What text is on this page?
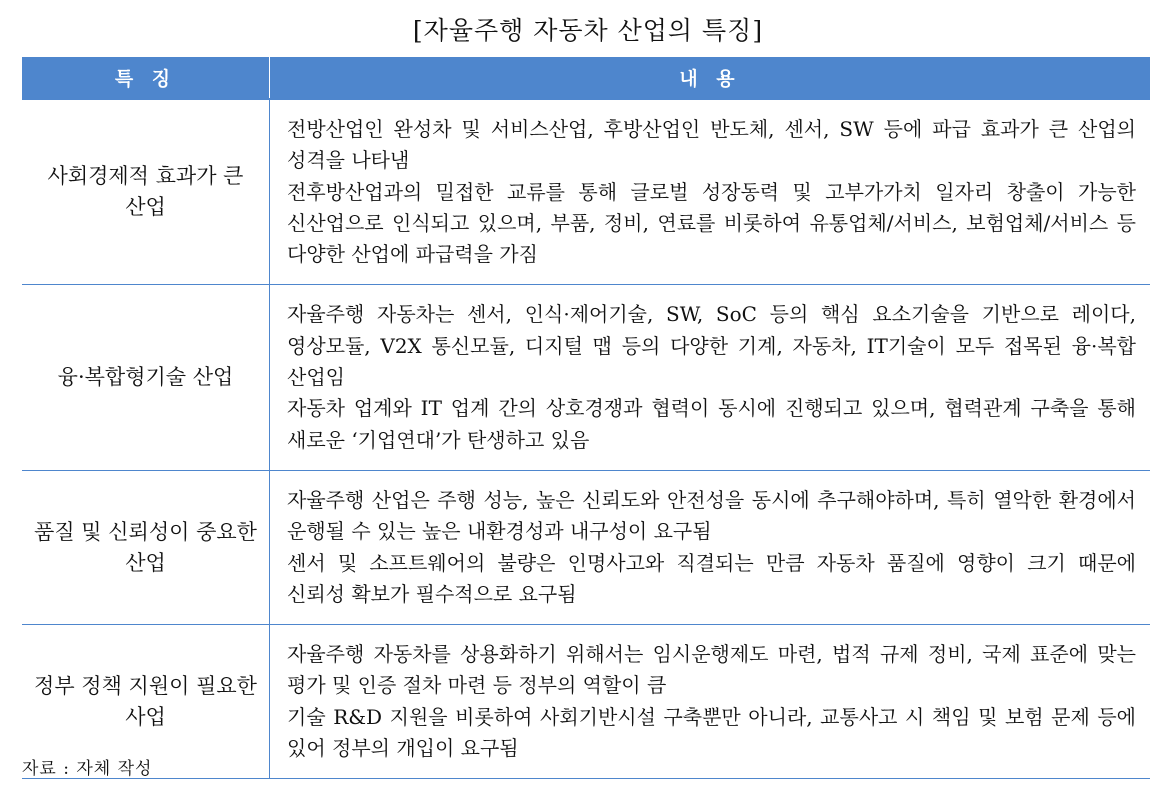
[자율주행 자동차 산업의 특징]
특 징	내 용
사회경제적 효과가 큰 산업	전방산업인 완성차 및 서비스산업, 후방산업인 반도체, 센서, SW 등에 파급 효과가 큰 산업의 성격을 나타냄
전후방산업과의 밀접한 교류를 통해 글로벌 성장동력 및 고부가가치 일자리 창출이 가능한 신산업으로 인식되고 있으며, 부품, 정비, 연료를 비롯하여 유통업체/서비스, 보험업체/서비스 등 다양한 산업에 파급력을 가짐

융·복합형기술 산업	자율주행 자동차는 센서, 인식·제어기술, SW, SoC 등의 핵심 요소기술을 기반으로 레이다, 영상모듈, V2X 통신모듈, 디지털 맵 등의 다양한 기계, 자동차, IT기술이 모두 접목된 융·복합 산업임
자동차 업계와 IT 업계 간의 상호경쟁과 협력이 동시에 진행되고 있으며, 협력관계 구축을 통해 새로운 ‘기업연대’가 탄생하고 있음

품질 및 신뢰성이 중요한 산업	자율주행 산업은 주행 성능, 높은 신뢰도와 안전성을 동시에 추구해야하며, 특히 열악한 환경에서 운행될 수 있는 높은 내환경성과 내구성이 요구됨
센서 및 소프트웨어의 불량은 인명사고와 직결되는 만큼 자동차 품질에 영향이 크기 때문에 신뢰성 확보가 필수적으로 요구됨

정부 정책 지원이 필요한 사업	자율주행 자동차를 상용화하기 위해서는 임시운행제도 마련, 법적 규제 정비, 국제 표준에 맞는 평가 및 인증 절차 마련 등 정부의 역할이 큼
기술 R&D 지원을 비롯하여 사회기반시설 구축뿐만 아니라, 교통사고 시 책임 및 보험 문제 등에 있어 정부의 개입이 요구됨
자료 : 자체 작성
